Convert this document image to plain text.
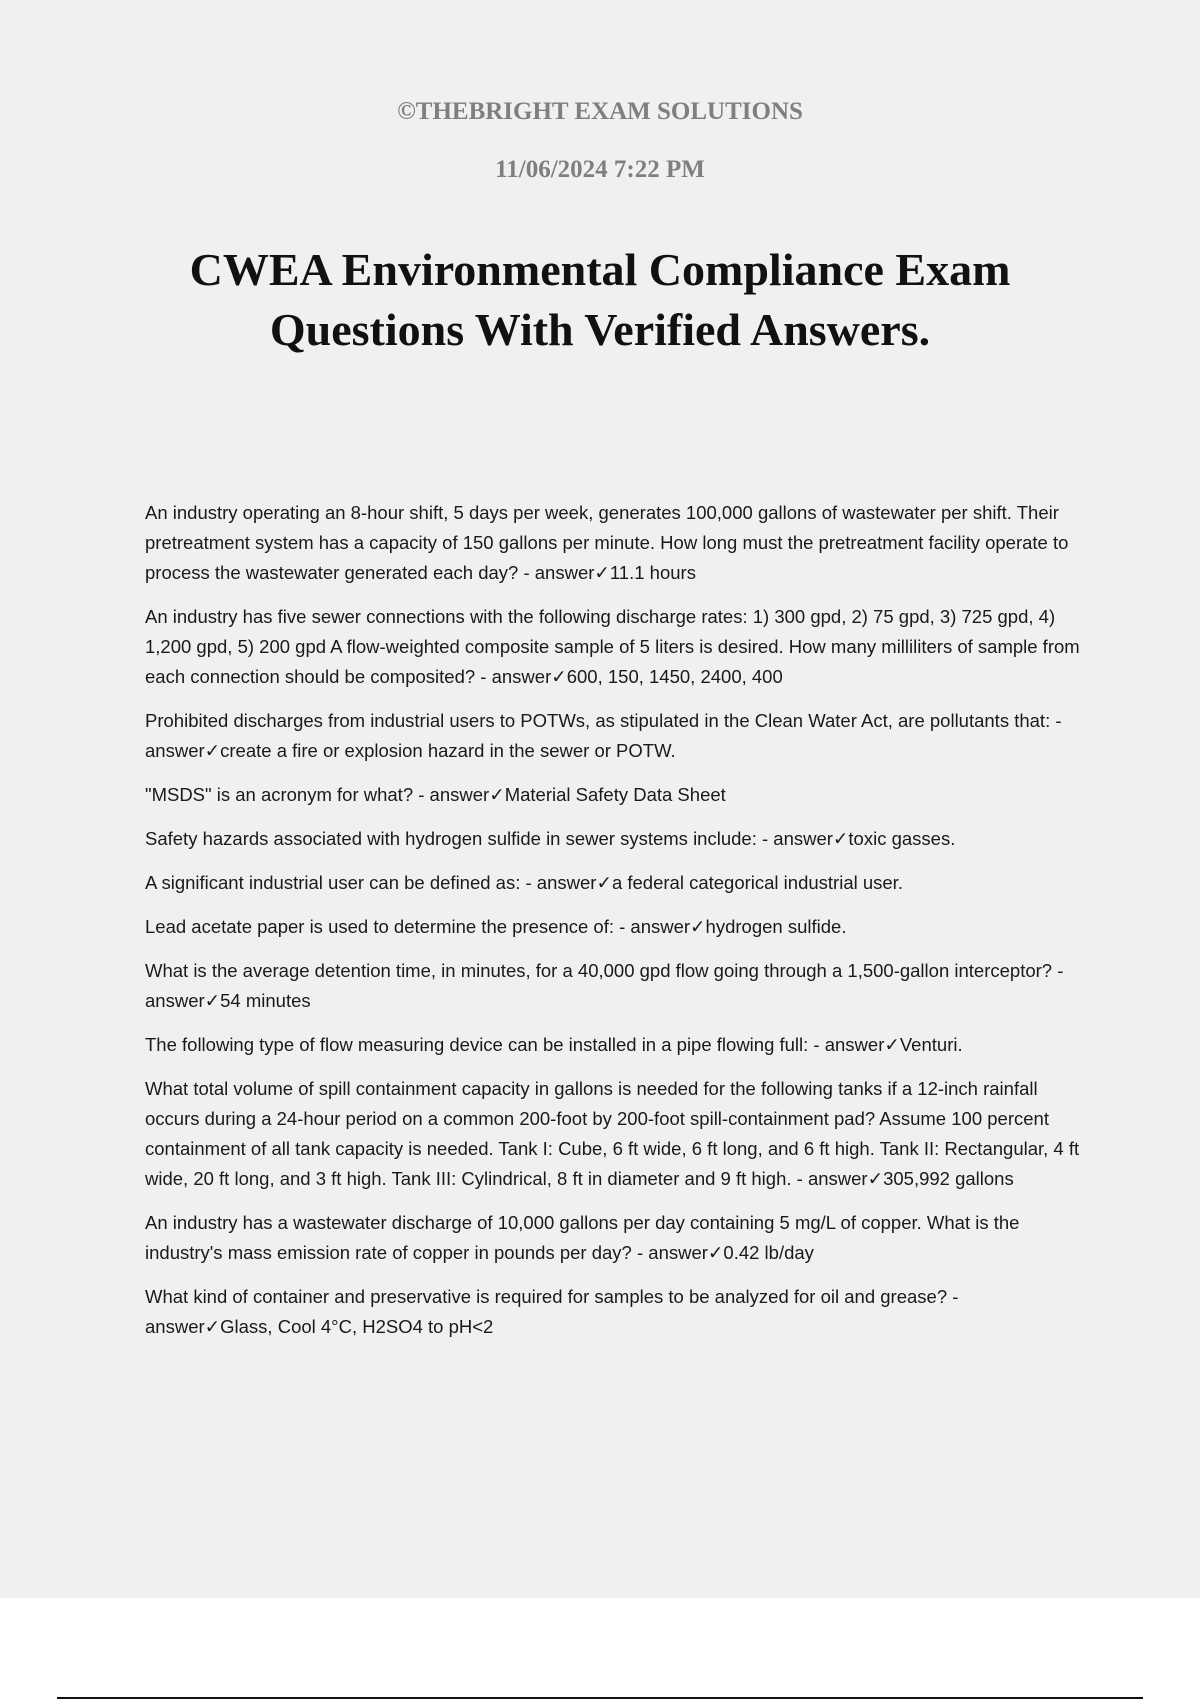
©THEBRIGHT EXAM SOLUTIONS
11/06/2024 7:22 PM
CWEA Environmental Compliance Exam
Questions With Verified Answers.

An industry operating an 8-hour shift, 5 days per week, generates 100,000 gallons of wastewater per shift. Their pretreatment system has a capacity of 150 gallons per minute. How long must the pretreatment facility operate to process the wastewater generated each day? - answer✓11.1 hours

An industry has five sewer connections with the following discharge rates: 1) 300 gpd, 2) 75 gpd, 3) 725 gpd, 4) 1,200 gpd, 5) 200 gpd A flow-weighted composite sample of 5 liters is desired. How many milliliters of sample from each connection should be composited? - answer✓600, 150, 1450, 2400, 400

Prohibited discharges from industrial users to POTWs, as stipulated in the Clean Water Act, are pollutants that: - answer✓create a fire or explosion hazard in the sewer or POTW.

"MSDS" is an acronym for what? - answer✓Material Safety Data Sheet

Safety hazards associated with hydrogen sulfide in sewer systems include: - answer✓toxic gasses.

A significant industrial user can be defined as: - answer✓a federal categorical industrial user.

Lead acetate paper is used to determine the presence of: - answer✓hydrogen sulfide.

What is the average detention time, in minutes, for a 40,000 gpd flow going through a 1,500-gallon interceptor? - answer✓54 minutes

The following type of flow measuring device can be installed in a pipe flowing full: - answer✓Venturi.

What total volume of spill containment capacity in gallons is needed for the following tanks if a 12-inch rainfall occurs during a 24-hour period on a common 200-foot by 200-foot spill-containment pad? Assume 100 percent containment of all tank capacity is needed. Tank I: Cube, 6 ft wide, 6 ft long, and 6 ft high. Tank II: Rectangular, 4 ft wide, 20 ft long, and 3 ft high. Tank III: Cylindrical, 8 ft in diameter and 9 ft high. - answer✓305,992 gallons

An industry has a wastewater discharge of 10,000 gallons per day containing 5 mg/L of copper. What is the industry's mass emission rate of copper in pounds per day? - answer✓0.42 lb/day

What kind of container and preservative is required for samples to be analyzed for oil and grease? - answer✓Glass, Cool 4°C, H2SO4 to pH<2
